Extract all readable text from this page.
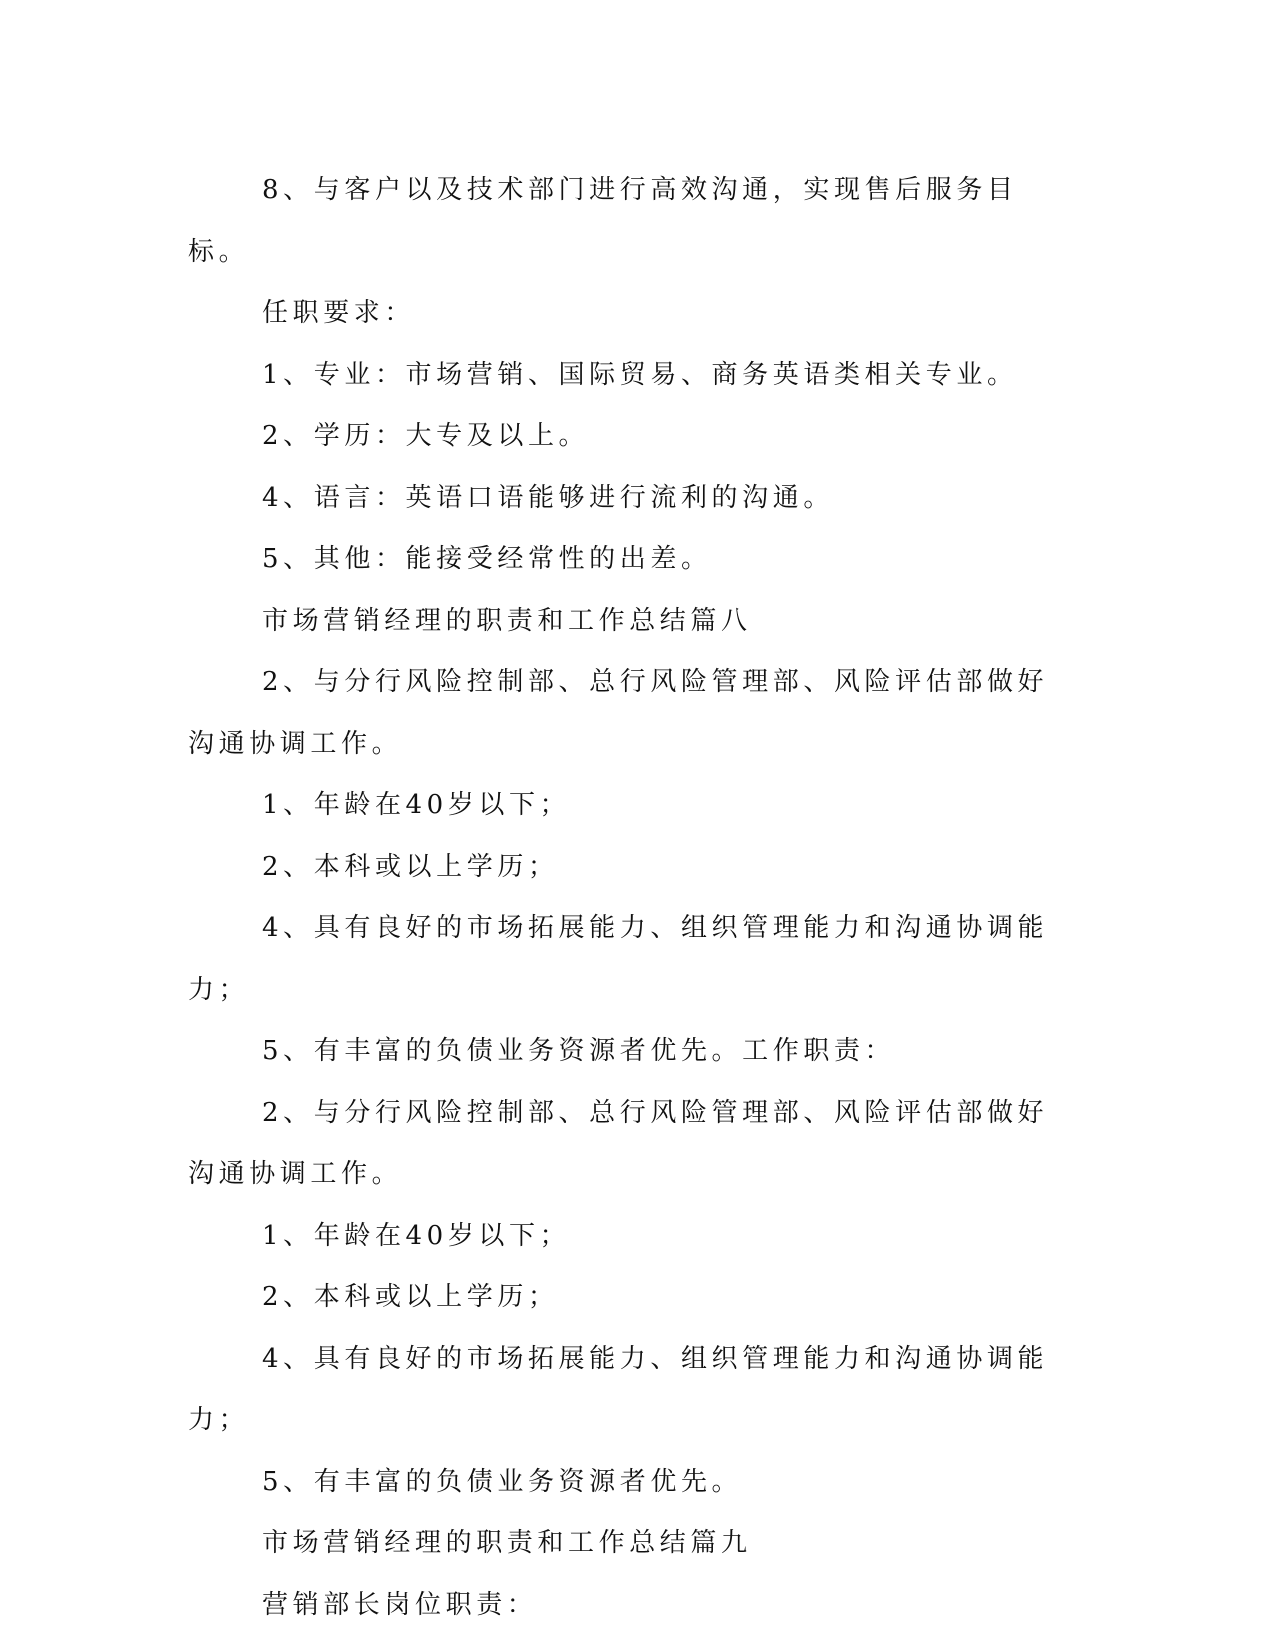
8、与客户以及技术部门进行高效沟通，实现售后服务目标。

任职要求：

1、专业：市场营销、国际贸易、商务英语类相关专业。

2、学历：大专及以上。

4、语言：英语口语能够进行流利的沟通。

5、其他：能接受经常性的出差。

市场营销经理的职责和工作总结篇八

2、与分行风险控制部、总行风险管理部、风险评估部做好沟通协调工作。

1、年龄在40岁以下；

2、本科或以上学历；

4、具有良好的市场拓展能力、组织管理能力和沟通协调能力；

5、有丰富的负债业务资源者优先。工作职责：

2、与分行风险控制部、总行风险管理部、风险评估部做好沟通协调工作。

1、年龄在40岁以下；

2、本科或以上学历；

4、具有良好的市场拓展能力、组织管理能力和沟通协调能力；

5、有丰富的负债业务资源者优先。

市场营销经理的职责和工作总结篇九

营销部长岗位职责：
